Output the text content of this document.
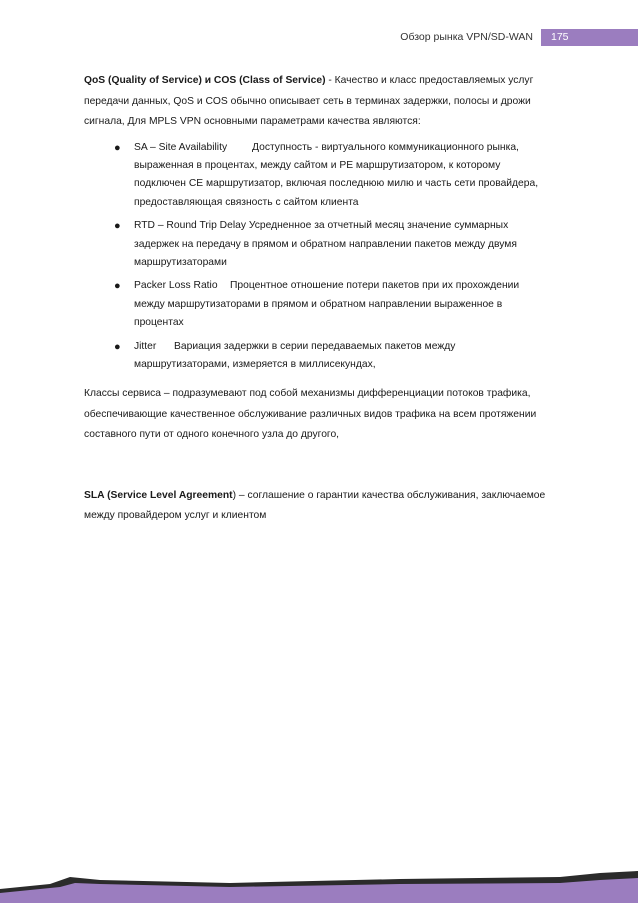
Обзор рынка VPN/SD-WAN	175

QoS (Quality of Service) и COS (Class of Service) - Качество и класс предоставляемых услуг передачи данных, QoS и COS обычно описывает сеть в терминах задержки, полосы и дрожи сигнала, Для MPLS VPN основными параметрами качества являются:

● SA – Site Availability Доступность - виртуального коммуникационного рынка, выраженная в процентах, между сайтом и PE маршрутизатором, к которому подключен CE маршрутизатор, включая последнюю милю и часть сети провайдера, предоставляющая связность с сайтом клиента
● RTD – Round Trip Delay Усредненное за отчетный месяц значение суммарных задержек на передачу в прямом и обратном направлении пакетов между двумя маршрутизаторами
● Packer Loss Ratio Процентное отношение потери пакетов при их прохождении между маршрутизаторами в прямом и обратном направлении выраженное в процентах
● Jitter Вариация задержки в серии передаваемых пакетов между маршрутизаторами, измеряется в миллисекундах,

Классы сервиса – подразумевают под собой механизмы дифференциации потоков трафика, обеспечивающие качественное обслуживание различных видов трафика на всем протяжении составного пути от одного конечного узла до другого,

SLA (Service Level Agreement) – соглашение о гарантии качества обслуживания, заключаемое между провайдером услуг и клиентом
